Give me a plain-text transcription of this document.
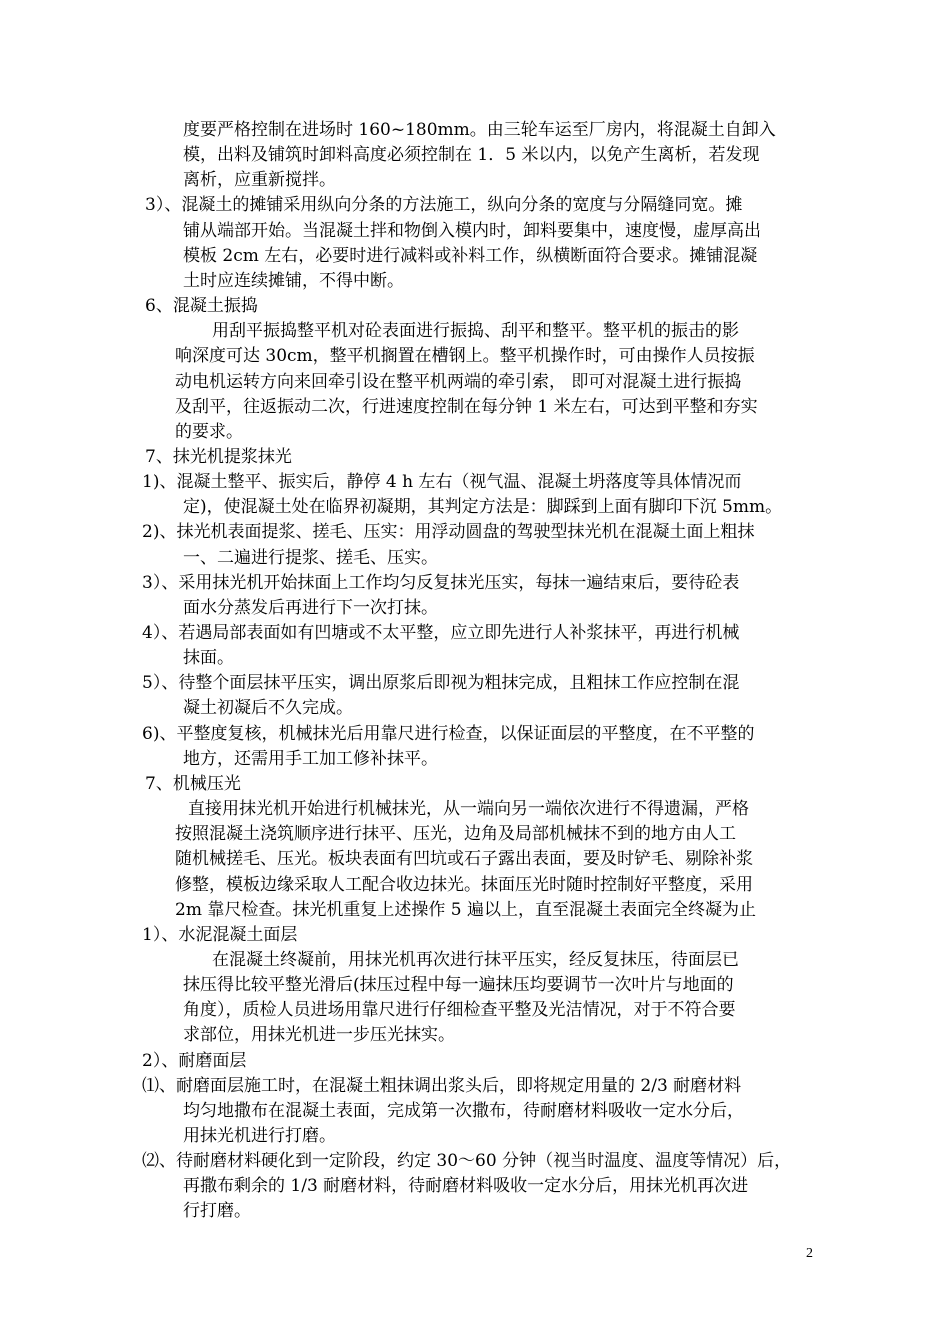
度要严格控制在进场时 160~180mm。由三轮车运至厂房内，将混凝土自卸入
模，出料及铺筑时卸料高度必须控制在 1．5 米以内，以免产生离析，若发现
离析，应重新搅拌。
3）、 混凝土的摊铺采用纵向分条的方法施工，纵向分条的宽度与分隔缝同宽。摊
铺从端部开始。当混凝土拌和物倒入模内时，卸料要集中，速度慢，虚厚高出
模板 2cm 左右，必要时进行减料或补料工作，纵横断面符合要求。摊铺混凝
土时应连续摊铺，不得中断。
6、 混凝土振捣
用刮平振捣整平机对砼表面进行振捣、刮平和整平。整平机的振击的影
响深度可达 30cm，整平机搁置在槽钢上。整平机操作时，可由操作人员按振
动电机运转方向来回牵引设在整平机两端的牵引索， 即可对混凝土进行振捣
及刮平，往返振动二次，行进速度控制在每分钟 1 米左右，可达到平整和夯实
的要求。
7、 抹光机提浆抹光
1)、 混凝土整平、振实后，静停 4 h 左右（视气温、混凝土坍落度等具体情况而
定)，使混凝土处在临界初凝期，其判定方法是：脚踩到上面有脚印下沉 5mm。
2)、 抹光机表面提浆、搓毛、压实：用浮动圆盘的驾驶型抹光机在混凝土面上粗抹
一、二遍进行提浆、搓毛、压实。
3）、 采用抹光机开始抹面上工作均匀反复抹光压实，每抹一遍结束后，要待砼表
面水分蒸发后再进行下一次打抹。
4）、 若遇局部表面如有凹塘或不太平整，应立即先进行人补浆抹平，再进行机械
抹面。
5）、 待整个面层抹平压实，调出原浆后即视为粗抹完成，且粗抹工作应控制在混
凝土初凝后不久完成。
6)、 平整度复核，机械抹光后用靠尺进行检查，以保证面层的平整度，在不平整的
地方，还需用手工加工修补抹平。
7、 机械压光
直接用抹光机开始进行机械抹光，从一端向另一端依次进行不得遗漏，严格
按照混凝土浇筑顺序进行抹平、压光，边角及局部机械抹不到的地方由人工
随机械搓毛、压光。板块表面有凹坑或石子露出表面，要及时铲毛、剔除补浆
修整，模板边缘采取人工配合收边抹光。抹面压光时随时控制好平整度，采用
2m 靠尺检查。抹光机重复上述操作 5 遍以上，直至混凝土表面完全终凝为止
1）、 水泥混凝土面层
在混凝土终凝前，用抹光机再次进行抹平压实，经反复抹压，待面层已
抹压得比较平整光滑后(抹压过程中每一遍抹压均要调节一次叶片与地面的
角度），质检人员进场用靠尺进行仔细检查平整及光洁情况，对于不符合要
求部位，用抹光机进一步压光抹实。
2）、 耐磨面层
⑴、 耐磨面层施工时，在混凝土粗抹调出浆头后，即将规定用量的 2/3 耐磨材料
均匀地撒布在混凝土表面，完成第一次撒布，待耐磨材料吸收一定水分后，
用抹光机进行打磨。
⑵、 待耐磨材料硬化到一定阶段，约定 30～60 分钟（视当时温度、温度等情况）后，
再撒布剩余的 1/3 耐磨材料，待耐磨材料吸收一定水分后，用抹光机再次进
行打磨。
2
